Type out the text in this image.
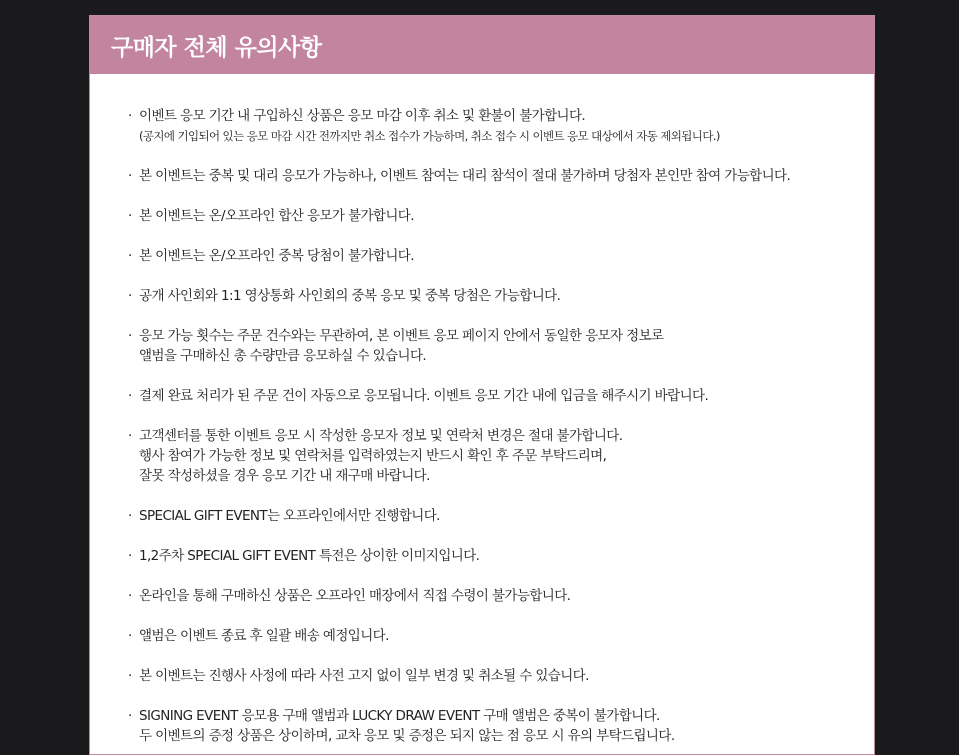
구매자 전체 유의사항
· 이벤트 응모 기간 내 구입하신 상품은 응모 마감 이후 취소 및 환불이 불가합니다.
(공지에 기입되어 있는 응모 마감 시간 전까지만 취소 접수가 가능하며, 취소 접수 시 이벤트 응모 대상에서 자동 제외됩니다.)
· 본 이벤트는 중복 및 대리 응모가 가능하나, 이벤트 참여는 대리 참석이 절대 불가하며 당첨자 본인만 참여 가능합니다.
· 본 이벤트는 온/오프라인 합산 응모가 불가합니다.
· 본 이벤트는 온/오프라인 중복 당첨이 불가합니다.
· 공개 사인회와 1:1 영상통화 사인회의 중복 응모 및 중복 당첨은 가능합니다.
· 응모 가능 횟수는 주문 건수와는 무관하여, 본 이벤트 응모 페이지 안에서 동일한 응모자 정보로
앨범을 구매하신 총 수량만큼 응모하실 수 있습니다.
· 결제 완료 처리가 된 주문 건이 자동으로 응모됩니다. 이벤트 응모 기간 내에 입금을 해주시기 바랍니다.
· 고객센터를 통한 이벤트 응모 시 작성한 응모자 정보 및 연락처 변경은 절대 불가합니다.
행사 참여가 가능한 정보 및 연락처를 입력하였는지 반드시 확인 후 주문 부탁드리며,
잘못 작성하셨을 경우 응모 기간 내 재구매 바랍니다.
· SPECIAL GIFT EVENT는 오프라인에서만 진행합니다.
· 1,2주차 SPECIAL GIFT EVENT 특전은 상이한 이미지입니다.
· 온라인을 통해 구매하신 상품은 오프라인 매장에서 직접 수령이 불가능합니다.
· 앨범은 이벤트 종료 후 일괄 배송 예정입니다.
· 본 이벤트는 진행사 사정에 따라 사전 고지 없이 일부 변경 및 취소될 수 있습니다.
· SIGNING EVENT 응모용 구매 앨범과 LUCKY DRAW EVENT 구매 앨범은 중복이 불가합니다.
두 이벤트의 증정 상품은 상이하며, 교차 응모 및 증정은 되지 않는 점 응모 시 유의 부탁드립니다.
